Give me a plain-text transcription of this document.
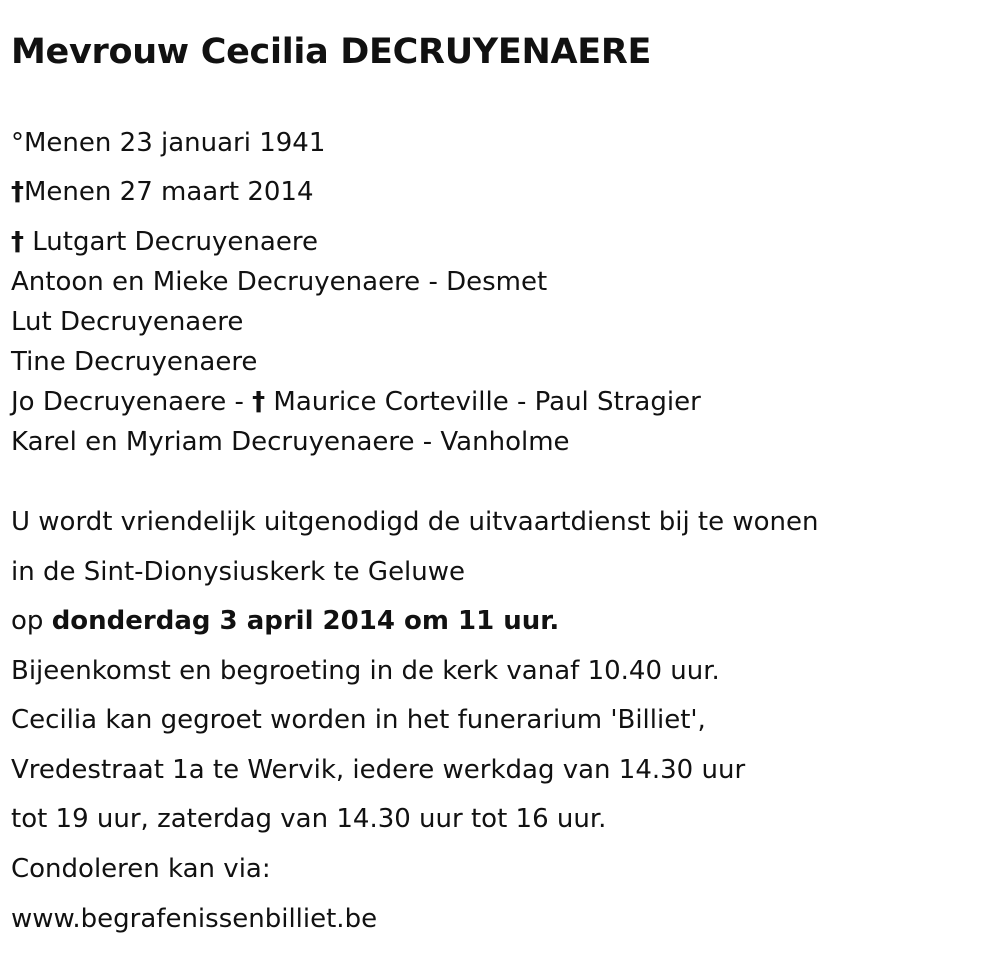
Mevrouw Cecilia DECRUYENAERE

°Menen 23 januari 1941

†Menen 27 maart 2014

† Lutgart Decruyenaere

Antoon en Mieke Decruyenaere - Desmet

Lut Decruyenaere

Tine Decruyenaere

Jo Decruyenaere - † Maurice Corteville - Paul Stragier

Karel en Myriam Decruyenaere - Vanholme

U wordt vriendelijk uitgenodigd de uitvaartdienst bij te wonen

in de Sint-Dionysiuskerk te Geluwe

op donderdag 3 april 2014 om 11 uur.

Bijeenkomst en begroeting in de kerk vanaf 10.40 uur.

Cecilia kan gegroet worden in het funerarium 'Billiet',

Vredestraat 1a te Wervik, iedere werkdag van 14.30 uur

tot 19 uur, zaterdag van 14.30 uur tot 16 uur.

Condoleren kan via:

www.begrafenissenbilliet.be
